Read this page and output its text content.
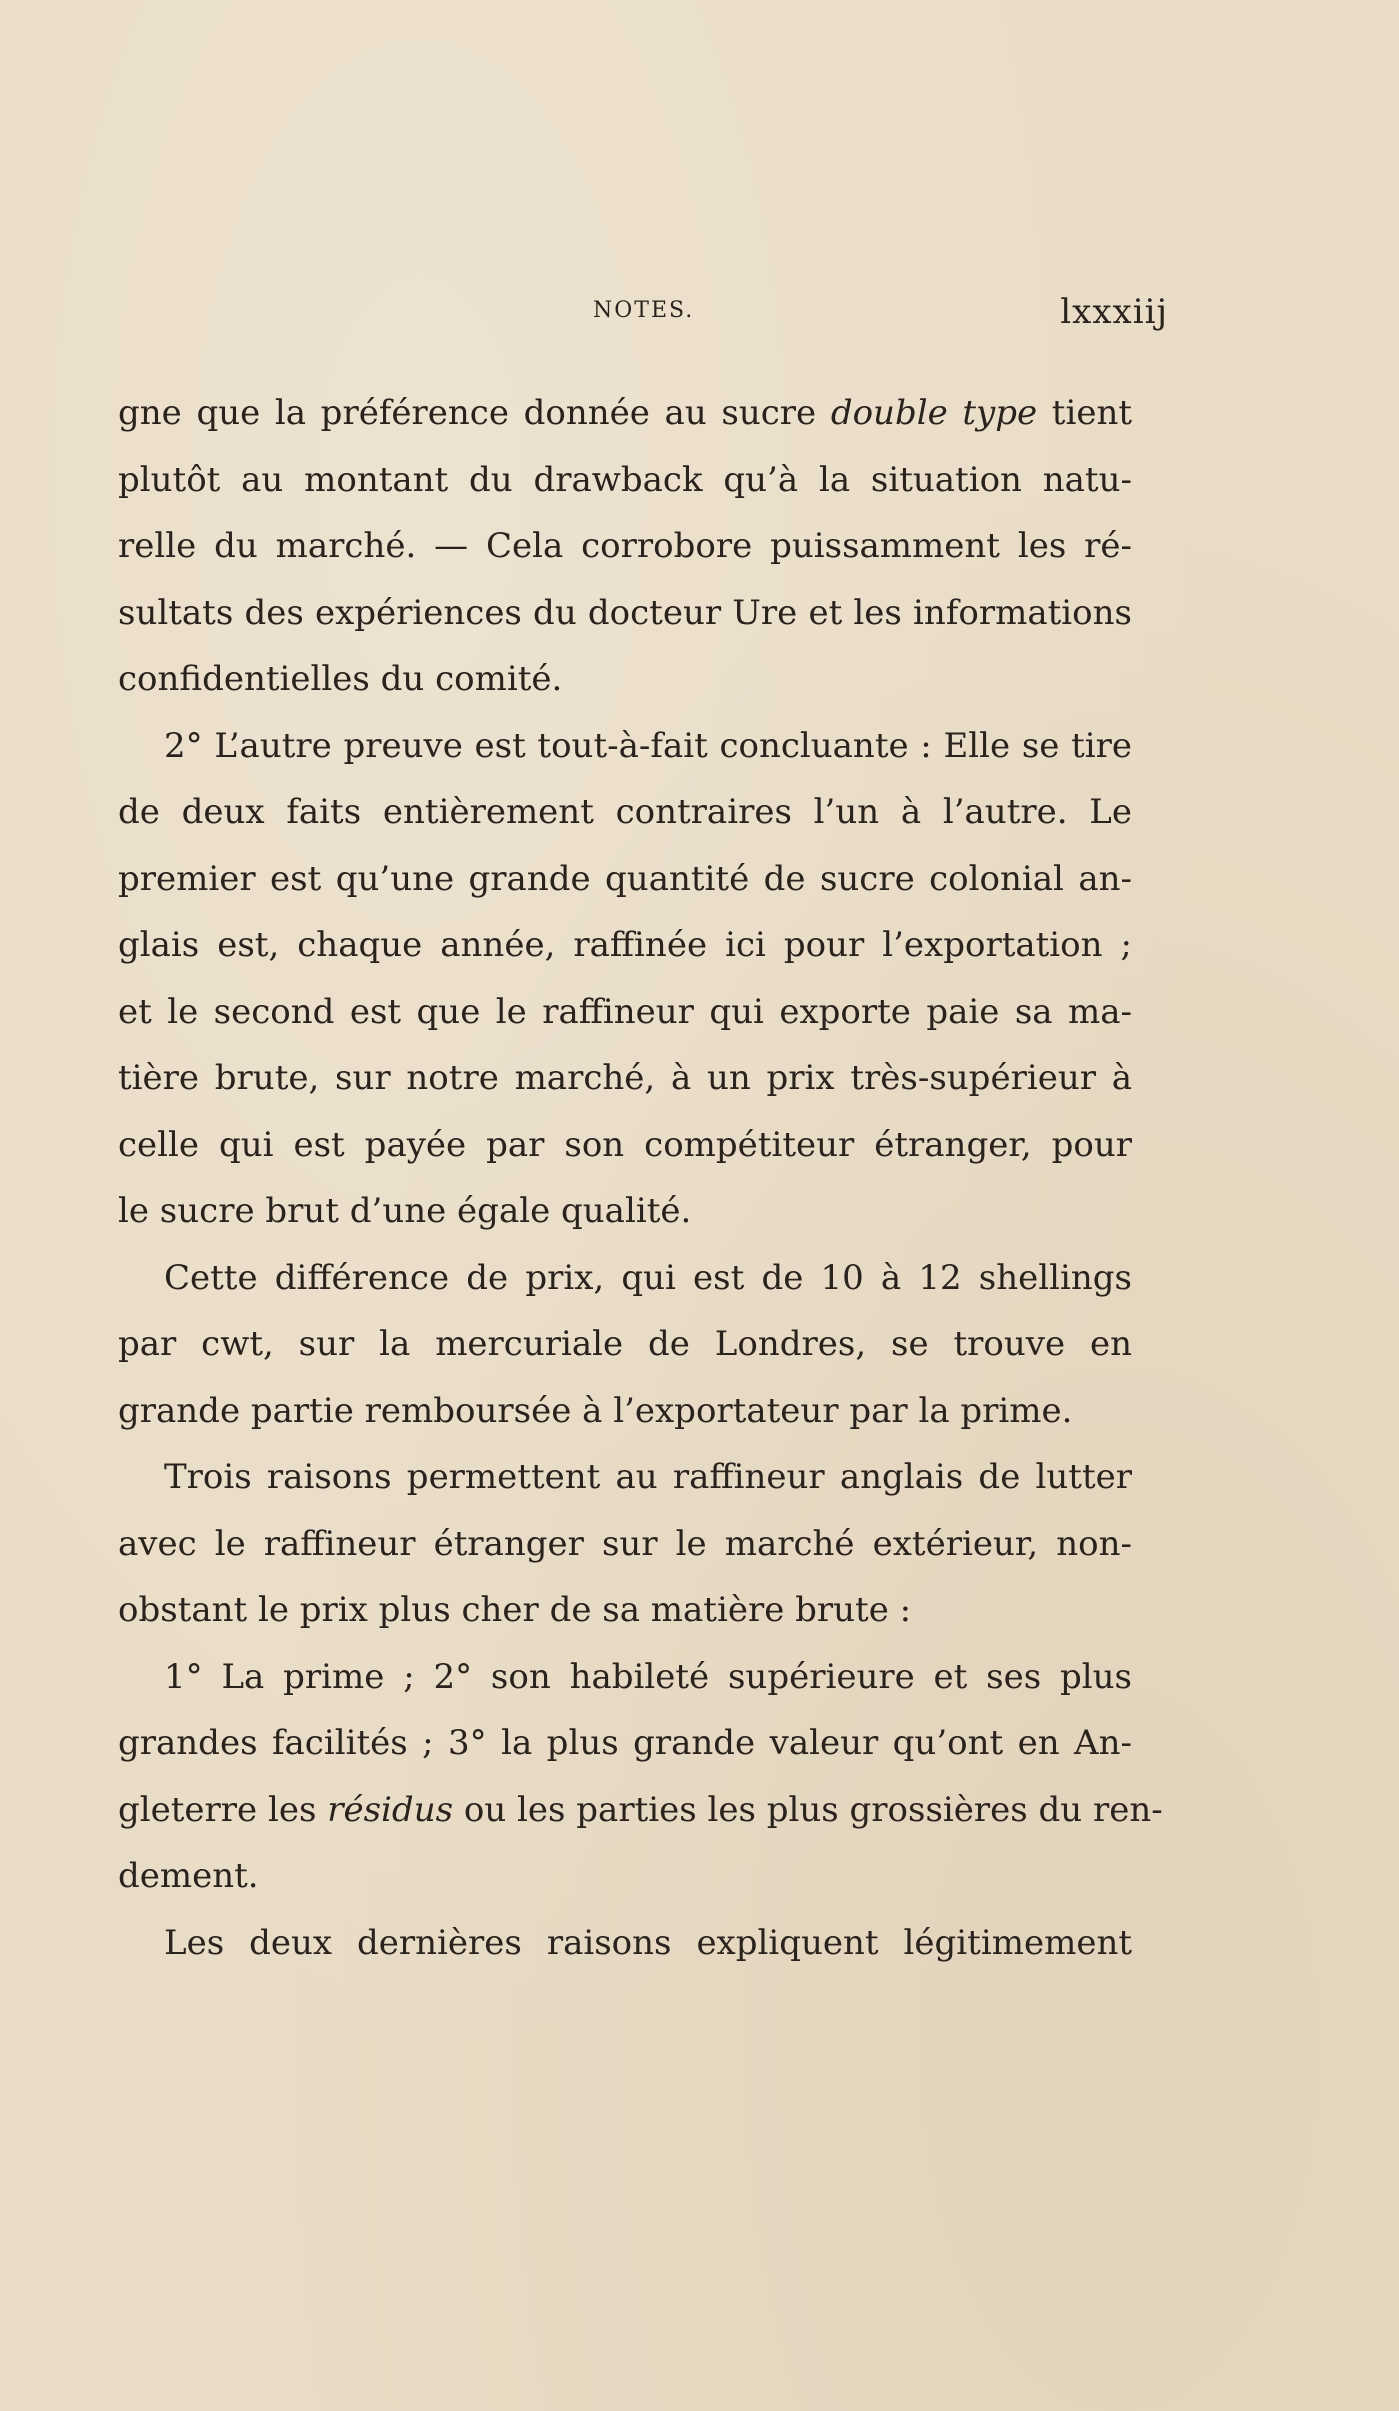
NOTES.	lxxxiij
gne que la préférence donnée au sucre double type tient
plutôt au montant du drawback qu’à la situation natu-
relle du marché. — Cela corrobore puissamment les ré-
sultats des expériences du docteur Ure et les informations
confidentielles du comité.
2° L’autre preuve est tout-à-fait concluante : Elle se tire
de deux faits entièrement contraires l’un à l’autre. Le
premier est qu’une grande quantité de sucre colonial an-
glais est, chaque année, raffinée ici pour l’exportation ;
et le second est que le raffineur qui exporte paie sa ma-
tière brute, sur notre marché, à un prix très-supérieur à
celle qui est payée par son compétiteur étranger, pour
le sucre brut d’une égale qualité.
Cette différence de prix, qui est de 10 à 12 shellings
par cwt, sur la mercuriale de Londres, se trouve en
grande partie remboursée à l’exportateur par la prime.
Trois raisons permettent au raffineur anglais de lutter
avec le raffineur étranger sur le marché extérieur, non-
obstant le prix plus cher de sa matière brute :
1° La prime ; 2° son habileté supérieure et ses plus
grandes facilités ; 3° la plus grande valeur qu’ont en An-
gleterre les résidus ou les parties les plus grossières du ren-
dement.
Les deux dernières raisons expliquent légitimement
